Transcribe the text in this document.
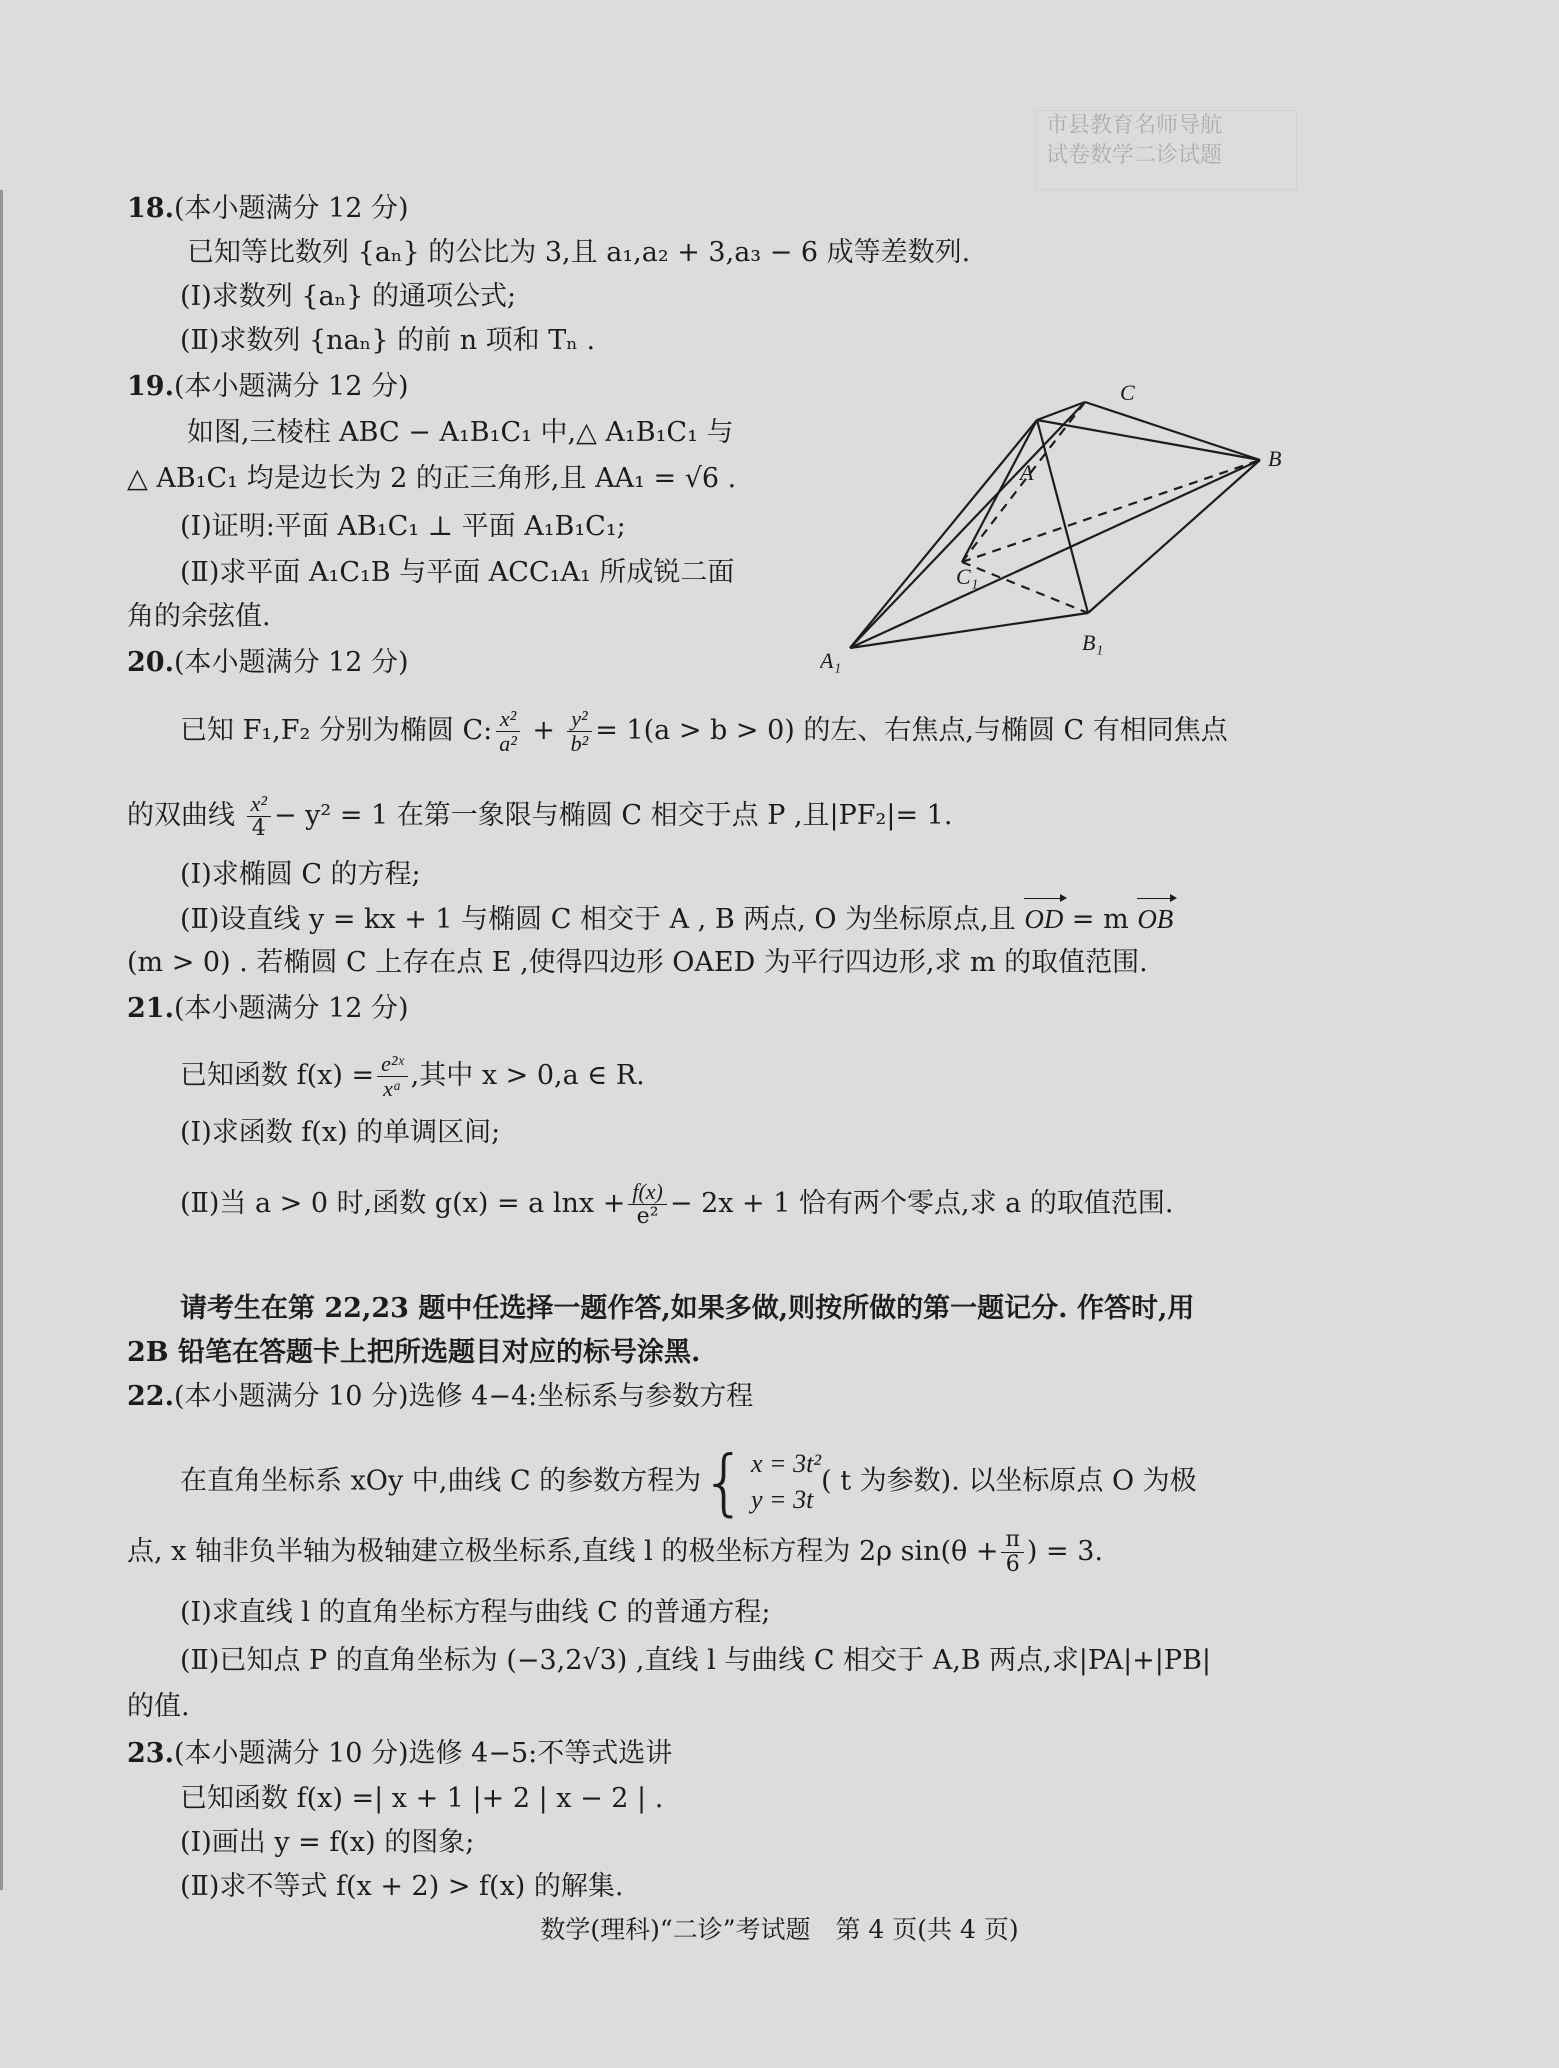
市县教育名师导航
试卷数学二诊试题
18.(本小题满分 12 分)
已知等比数列 {aₙ} 的公比为 3,且 a₁,a₂ + 3,a₃ − 6 成等差数列.
(Ⅰ)求数列 {aₙ} 的通项公式;
(Ⅱ)求数列 {naₙ} 的前 n 项和 Tₙ .
19.(本小题满分 12 分)
如图,三棱柱 ABC − A₁B₁C₁ 中,△ A₁B₁C₁ 与
△ AB₁C₁ 均是边长为 2 的正三角形,且 AA₁ = √6 .
(Ⅰ)证明:平面 AB₁C₁ ⊥ 平面 A₁B₁C₁;
(Ⅱ)求平面 A₁C₁B 与平面 ACC₁A₁ 所成锐二面
角的余弦值.
A
B
C
A₁
B₁
C₁
20.(本小题满分 12 分)
已知 F₁,F₂ 分别为椭圆 C: $\frac{\text{x²}}{\text{a²}} + \frac{\text{y²}}{\text{b²}} = 1(a > b > 0)$ 的左、右焦点,与椭圆 C 有相同焦点
的双曲线 $\frac{\text{x²}}{4} - y^2 = 1$ 在第一象限与椭圆 C 相交于点 P ,且|PF₂|= 1.
(Ⅰ)求椭圆 C 的方程;
(Ⅱ)设直线 y = kx + 1 与椭圆 C 相交于 A , B 两点, O 为坐标原点,且 OD = m OB
(m > 0) . 若椭圆 C 上存在点 E ,使得四边形 OAED 为平行四边形,求 m 的取值范围.
21.(本小题满分 12 分)
已知函数 $f(x) = \frac{\text{e²ˣ}}{\text{xᵃ}}$ ,其中 x > 0,a ∈ R.
(Ⅰ)求函数 f(x) 的单调区间;
(Ⅱ)当 a > 0 时,函数 g(x) = a $\ln x + \frac{f(x)}{\text{e²}} - 2x + 1$ 恰有两个零点,求 a 的取值范围.
请考生在第 22,23 题中任选择一题作答,如果多做,则按所做的第一题记分. 作答时,用
2B 铅笔在答题卡上把所选题目对应的标号涂黑.
22.(本小题满分 10 分)选修 4−4:坐标系与参数方程
在直角坐标系 xOy 中,曲线 C 的参数方程为 { x = 3t²
y = 3t
( t 为参数). 以坐标原点 O 为极
点, x 轴非负半轴为极轴建立极坐标系,直线 l 的极坐标方程为 2ρ $\sin(\theta + \frac{\pi}{6}$ ) = 3.
(Ⅰ)求直线 l 的直角坐标方程与曲线 C 的普通方程;
(Ⅱ)已知点 P 的直角坐标为 (−3,2√3) ,直线 l 与曲线 C 相交于 A,B 两点,求|PA|+|PB|
的值.
23.(本小题满分 10 分)选修 4−5:不等式选讲
已知函数 f(x) =| x + 1 |+ 2 | x − 2 | .
(Ⅰ)画出 y = f(x) 的图象;
(Ⅱ)求不等式 f(x + 2) > f(x) 的解集.
数学(理科)“二诊”考试题　第 4 页(共 4 页)
